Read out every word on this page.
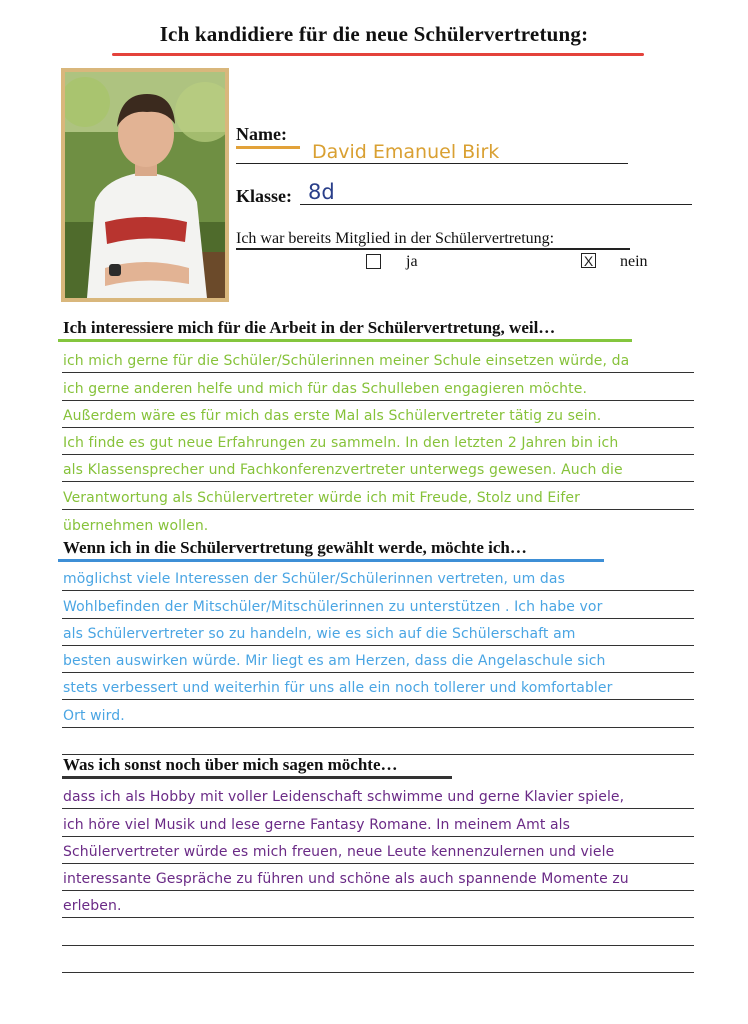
Ich kandidiere für die neue Schülervertretung:
Name:
David Emanuel Birk
Klasse: 8d
Ich war bereits Mitglied in der Schülervertretung:
ja	X nein
Ich interessiere mich für die Arbeit in der Schülervertretung, weil…
ich mich gerne für die Schüler/Schülerinnen meiner Schule einsetzen würde, da
ich gerne anderen helfe und mich für das Schulleben engagieren möchte.
Außerdem wäre es für mich das erste Mal als Schülervertreter tätig zu sein.
Ich finde es gut neue Erfahrungen zu sammeln. In den letzten 2 Jahren bin ich
als Klassensprecher und Fachkonferenzvertreter unterwegs gewesen. Auch die
Verantwortung als Schülervertreter würde ich mit Freude, Stolz und Eifer
übernehmen wollen.
Wenn ich in die Schülervertretung gewählt werde, möchte ich…
möglichst viele Interessen der Schüler/Schülerinnen vertreten, um das
Wohlbefinden der Mitschüler/Mitschülerinnen zu unterstützen . Ich habe vor
als Schülervertreter so zu handeln, wie es sich auf die Schülerschaft am
besten auswirken würde. Mir liegt es am Herzen, dass die Angelaschule sich
stets verbessert und weiterhin für uns alle ein noch tollerer und komfortabler
Ort wird.
Was ich sonst noch über mich sagen möchte…
dass ich als Hobby mit voller Leidenschaft schwimme und gerne Klavier spiele,
ich höre viel Musik und lese gerne Fantasy Romane. In meinem Amt als
Schülervertreter würde es mich freuen, neue Leute kennenzulernen und viele
interessante Gespräche zu führen und schöne als auch spannende Momente zu
erleben.
